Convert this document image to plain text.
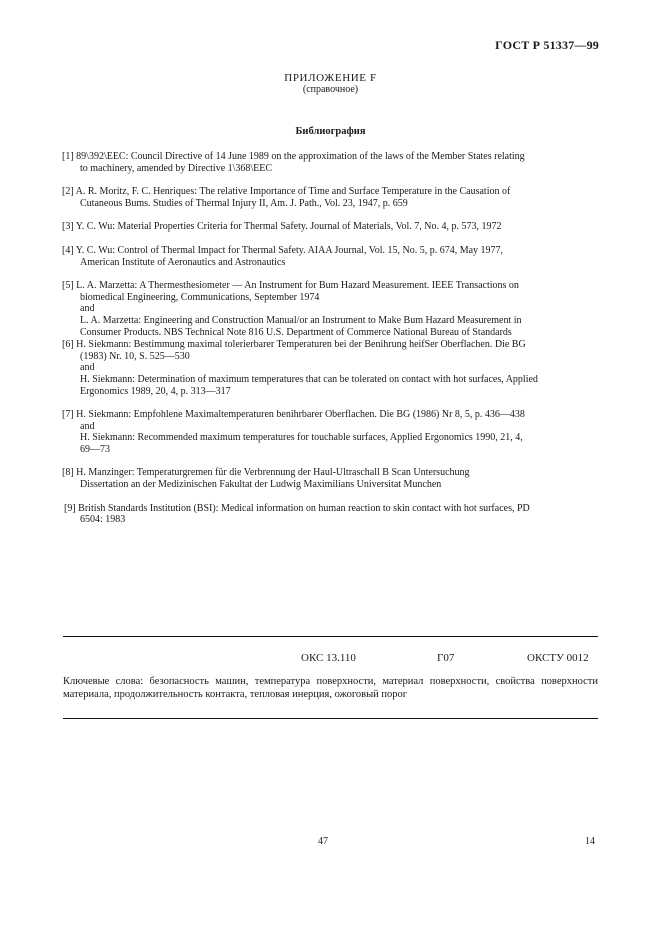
ГОСТ Р 51337—99
ПРИЛОЖЕНИЕ F
(справочное)
Библиография
[1] 89\392\EEC: Council Directive of 14 June 1989 on the approximation of the laws of the Member States relating
to machinery, amended by Directive 1\368\EEC
[2] A. R. Moritz, F. C. Henriques: The relative Importance of Time and Surface Temperature in the Causation of
Cutaneous Bums. Studies of Thermal Injury II, Am. J. Path., Vol. 23, 1947, p. 659
[3] Y. C. Wu: Material Properties Criteria for Thermal Safety. Journal of Materials, Vol. 7, No. 4, p. 573, 1972
[4] Y. C. Wu: Control of Thermal Impact for Thermal Safety. AIAA Journal, Vol. 15, No. 5, p. 674, May 1977,
American Institute of Aeronautics and Astronautics
[5] L. A. Marzetta: A Thermesthesiometer — An Instrument for Bum Hazard Measurement. IEEE Transactions on
biomedical Engineering, Communications, September 1974
and
L. A. Marzetta: Engineering and Construction Manual/or an Instrument to Make Bum Hazard Measurement in
Consumer Products. NBS Technical Note 816 U.S. Department of Commerce National Bureau of Standards
[6] H. Siekmann: Bestimmung maximal tolerierbarer Temperaturen bei der Benihrung heifSer Oberflachen. Die BG
(1983) Nr. 10, S. 525—530
and
H. Siekmann: Determination of maximum temperatures that can be tolerated on contact with hot surfaces, Applied
Ergonomics 1989, 20, 4, p. 313—317
[7] H. Siekmann: Empfohlene Maximaltemperaturen benihrbarer Oberflachen. Die BG (1986) Nr 8, 5, p. 436—438
and
H. Siekmann: Recommended maximum temperatures for touchable surfaces, Applied Ergonomics 1990, 21, 4,
69—73
[8] H. Manzinger: Temperaturgremen für die Verbrennung der Haul-Ultraschall B Scan Untersuchung
Dissertation an der Medizinischen Fakultat der Ludwig Maximilians Universitat Munchen
[9] British Standards Institution (BSI): Medical information on human reaction to skin contact with hot surfaces, PD
6504: 1983
ОКС 13.110	Г07	ОКСТУ 0012
Ключевые слова: безопасность машин, температура поверхности, материал поверхности, свойства поверхности материала, продолжительность контакта, тепловая инерция, ожоговый порог
47	14
